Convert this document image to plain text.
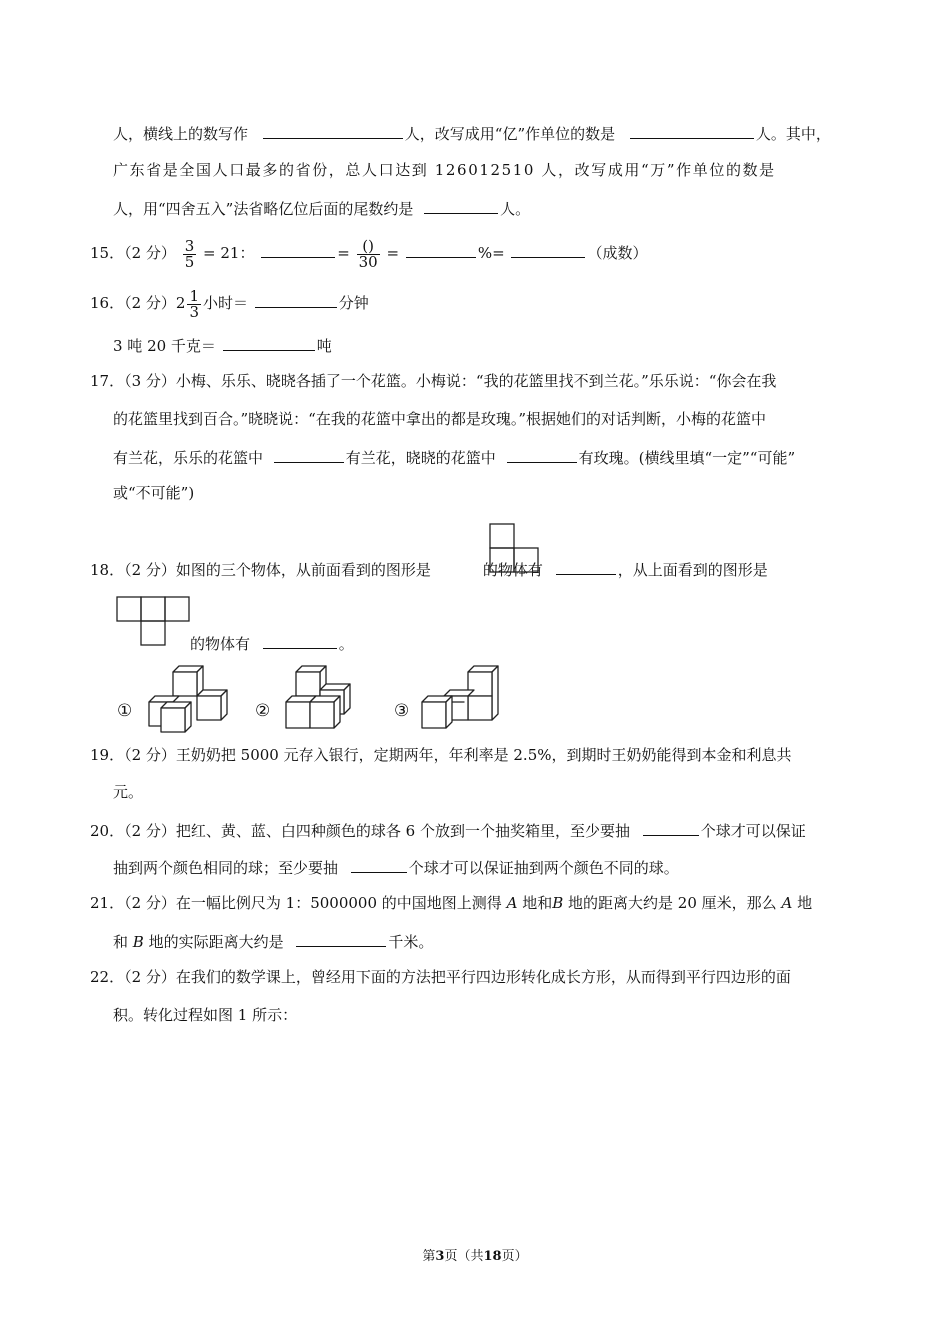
人，横线上的数写作	人，改写成用“亿”作单位的数是	人。其中，
广东省是全国人口最多的省份，总人口达到 126012510 人，改写成用“万”作单位的数是
人，用“四舍五入”法省略亿位后面的尾数约是	人。
15．（2 分） $\frac{3}{5} = 21$：	= $\frac{()}{30}$ =	%=	（成数）
16．（2 分）$2 \frac{1}{3}$ 小时＝	分钟
3 吨 20 千克＝	吨
17．（3 分）小梅、乐乐、晓晓各插了一个花篮。小梅说：“我的花篮里找不到兰花。”乐乐说：“你会在我
的花篮里找到百合。”晓晓说：“在我的花篮中拿出的都是玫瑰。”根据她们的对话判断，小梅的花篮中
有兰花，乐乐的花篮中	有兰花，晓晓的花篮中	有玫瑰。(横线里填“一定”“可能”
或“不可能”)
18．（2 分）如图的三个物体，从前面看到的图形是	的物体有	，从上面看到的图形是
的物体有	。
①	②	③
19．（2 分）王奶奶把 5000 元存入银行，定期两年，年利率是 2.5%，到期时王奶奶能得到本金和利息共
元。
20．（2 分）把红、黄、蓝、白四种颜色的球各 6 个放到一个抽奖箱里，至少要抽	个球才可以保证
抽到两个颜色相同的球；至少要抽	个球才可以保证抽到两个颜色不同的球。
21．（2 分）在一幅比例尺为 1：5000000 的中国地图上测得 A 地和B 地的距离大约是 20 厘米，那么 A 地
和 B 地的实际距离大约是	千米。
22．（2 分）在我们的数学课上，曾经用下面的方法把平行四边形转化成长方形，从而得到平行四边形的面
积。转化过程如图 1 所示：
第3页（共18页）
